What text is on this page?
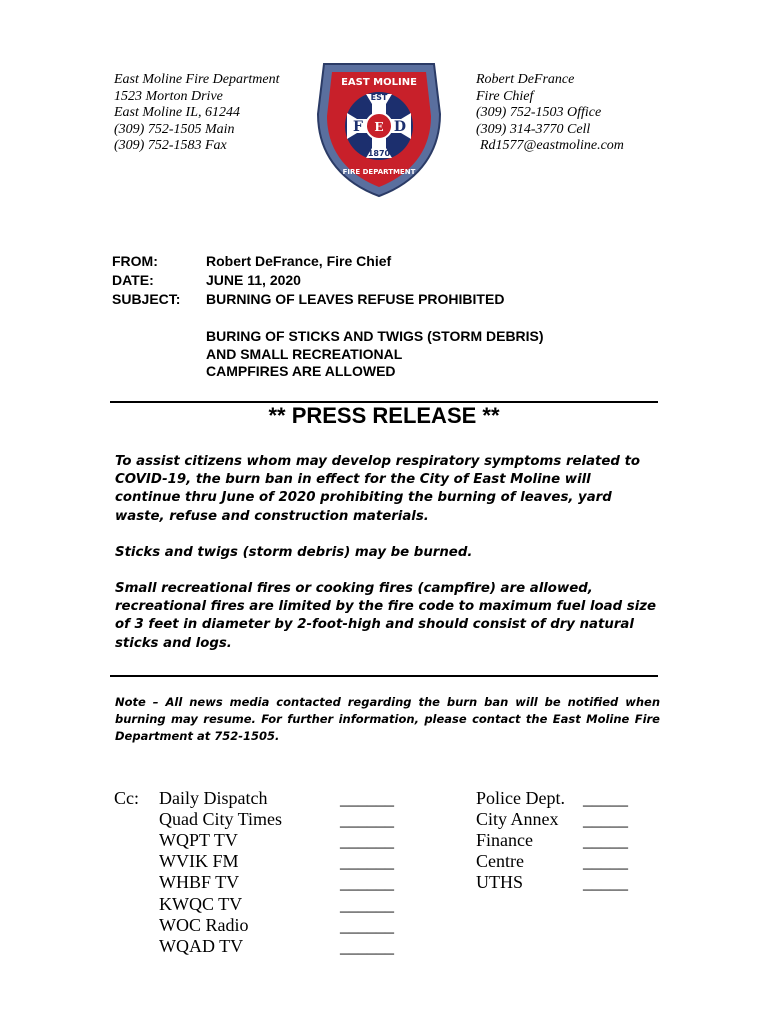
East Moline Fire Department
1523 Morton Drive
East Moline IL, 61244
(309) 752-1505 Main
(309) 752-1583 Fax
EAST MOLINE
EST
F E D
1870
FIRE DEPARTMENT
Robert DeFrance
Fire Chief
(309) 752-1503 Office
(309) 314-3770 Cell
Rd1577@eastmoline.com
FROM:	Robert DeFrance, Fire Chief
DATE:	JUNE 11, 2020
SUBJECT: BURNING OF LEAVES REFUSE PROHIBITED
BURING OF STICKS AND TWIGS (STORM DEBRIS)
AND SMALL RECREATIONAL
CAMPFIRES ARE ALLOWED
** PRESS RELEASE **
To assist citizens whom may develop respiratory symptoms related to COVID-19, the burn ban in effect for the City of East Moline will continue thru June of 2020 prohibiting the burning of leaves, yard waste, refuse and construction materials.
Sticks and twigs (storm debris) may be burned.
Small recreational fires or cooking fires (campfire) are allowed, recreational fires are limited by the fire code to maximum fuel load size of 3 feet in diameter by 2-foot-high and should consist of dry natural sticks and logs.
Note – All news media contacted regarding the burn ban will be notified when burning may resume. For further information, please contact the East Moline Fire Department at 752-1505.
Cc: Daily Dispatch
Quad City Times
WQPT TV
WVIK FM
WHBF TV
KWQC TV
WOC Radio
WQAD TV
______
______
______
______
______
______
______
______
Police Dept.
City Annex
Finance
Centre
UTHS
_____
_____
_____
_____
_____
